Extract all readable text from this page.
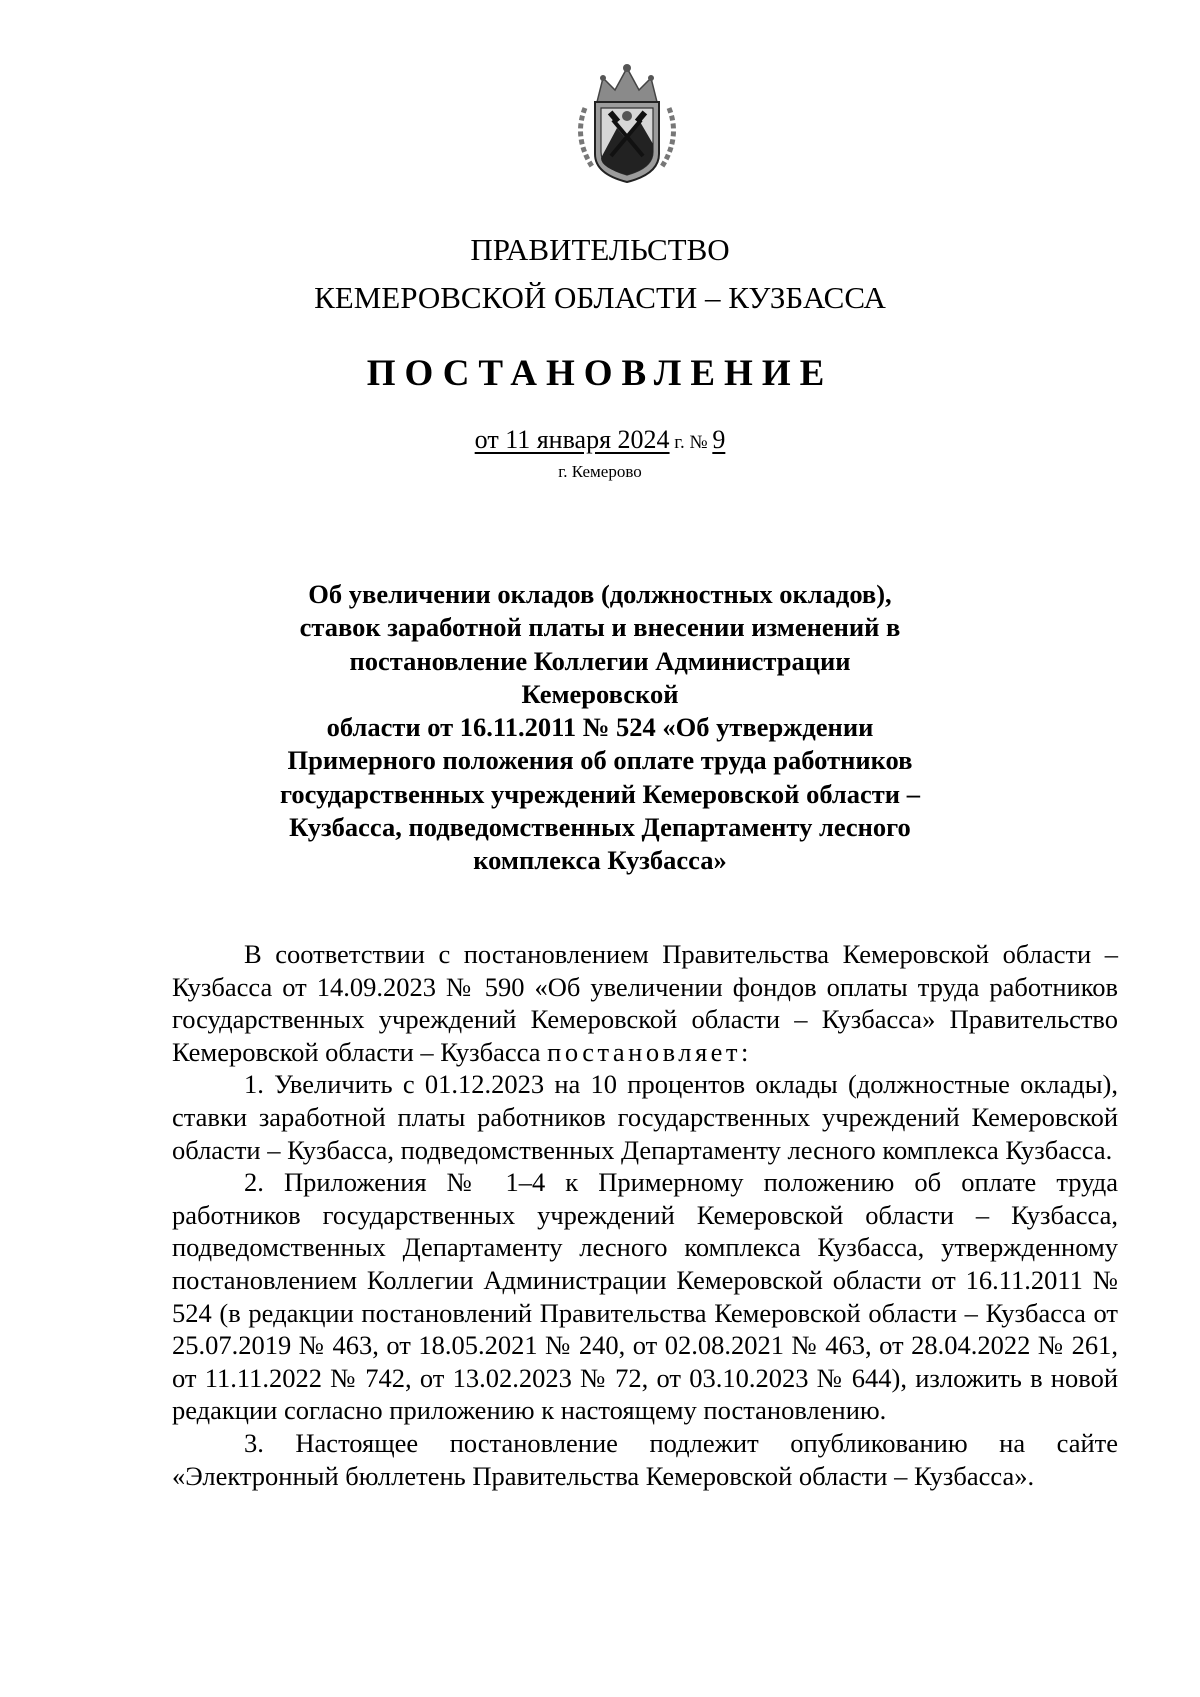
ПРАВИТЕЛЬСТВО
КЕМЕРОВСКОЙ ОБЛАСТИ – КУЗБАССА
ПОСТАНОВЛЕНИЕ
от 11 января 2024 г. № 9
г. Кемерово
Об увеличении окладов (должностных окладов),
ставок заработной платы и внесении изменений в
постановление Коллегии Администрации Кемеровской
области от 16.11.2011 № 524 «Об утверждении
Примерного положения об оплате труда работников
государственных учреждений Кемеровской области –
Кузбасса, подведомственных Департаменту лесного
комплекса Кузбасса»

В соответствии с постановлением Правительства Кемеровской области – Кузбасса от 14.09.2023 № 590 «Об увеличении фондов оплаты труда работников государственных учреждений Кемеровской области – Кузбасса» Правительство Кемеровской области – Кузбасса постановляет:

1. Увеличить с 01.12.2023 на 10 процентов оклады (должностные оклады), ставки заработной платы работников государственных учреждений Кемеровской области – Кузбасса, подведомственных Департаменту лесного комплекса Кузбасса.

2. Приложения № 1–4 к Примерному положению об оплате труда работников государственных учреждений Кемеровской области – Кузбасса, подведомственных Департаменту лесного комплекса Кузбасса, утвержденному постановлением Коллегии Администрации Кемеровской области от 16.11.2011 № 524 (в редакции постановлений Правительства Кемеровской области – Кузбасса от 25.07.2019 № 463, от 18.05.2021 № 240, от 02.08.2021 № 463, от 28.04.2022 № 261, от 11.11.2022 № 742, от 13.02.2023 № 72, от 03.10.2023 № 644), изложить в новой редакции согласно приложению к настоящему постановлению.

3. Настоящее постановление подлежит опубликованию на сайте «Электронный бюллетень Правительства Кемеровской области – Кузбасса».
